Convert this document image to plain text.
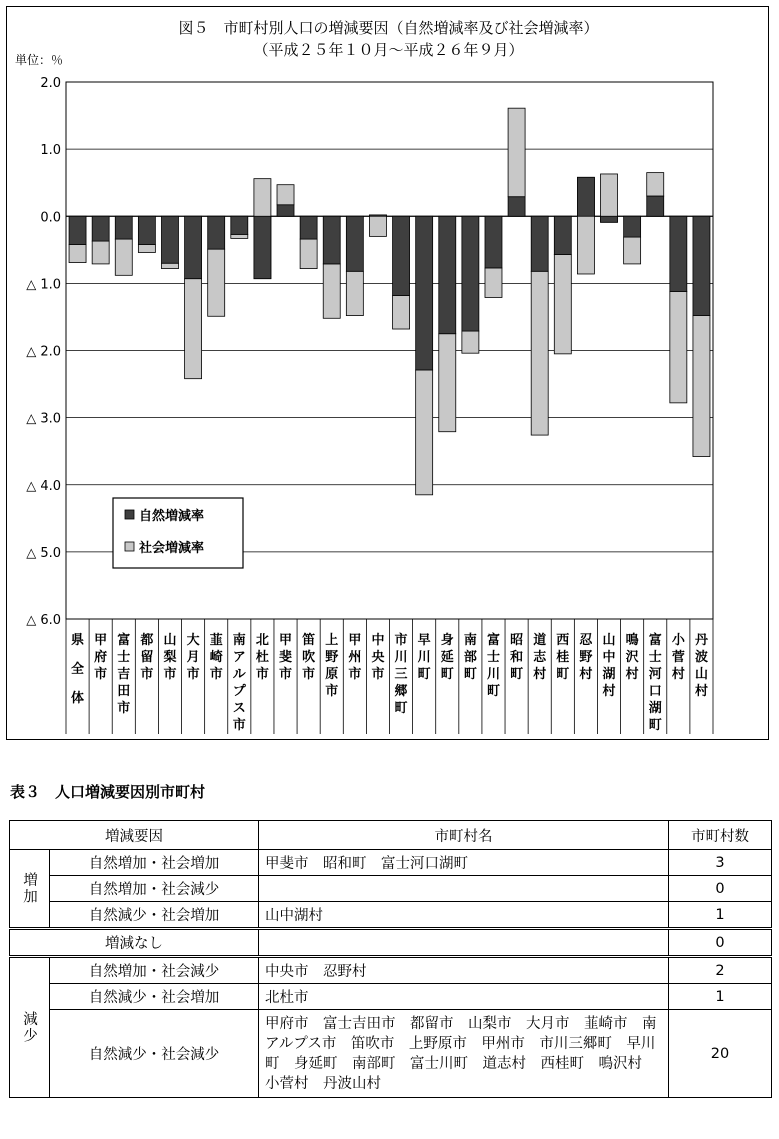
図５　市町村別人口の増減要因（自然増減率及び社会増減率）
（平成２５年１０月～平成２６年９月）
単位：％
2.0
1.0
0.0
△ 1.0
△ 2.0
△ 3.0
△ 4.0
△ 5.0
△ 6.0
県
全
体
甲
府
市
富
士
吉
田
市
都
留
市
山
梨
市
大
月
市
韮
崎
市
南
ア
ル
プ
ス
市
北
杜
市
甲
斐
市
笛
吹
市
上
野
原
市
甲
州
市
中
央
市
市
川
三
郷
町
早
川
町
身
延
町
南
部
町
富
士
川
町
昭
和
町
道
志
村
西
桂
町
忍
野
村
山
中
湖
村
鳴
沢
村
富
士
河
口
湖
町
小
菅
村
丹
波
山
村
自然増減率
社会増減率
表３　人口増減要因別市町村
増減要因		市町村名	市町村数

増加	自然増加・社会増加	甲斐市　昭和町　富士河口湖町	3
	自然増加・社会減少		0
	自然減少・社会増加	山中湖村	1
増減なし			0

減少	自然増加・社会減少	中央市　忍野村	2
	自然減少・社会増加	北杜市	1
	自然減少・社会減少	甲府市　富士吉田市　都留市　山梨市　大月市　韮崎市　南アルプス市　笛吹市　上野原市　甲州市　市川三郷町　早川町　身延町　南部町　富士川町　道志村　西桂町　鳴沢村　小菅村　丹波山村	20
